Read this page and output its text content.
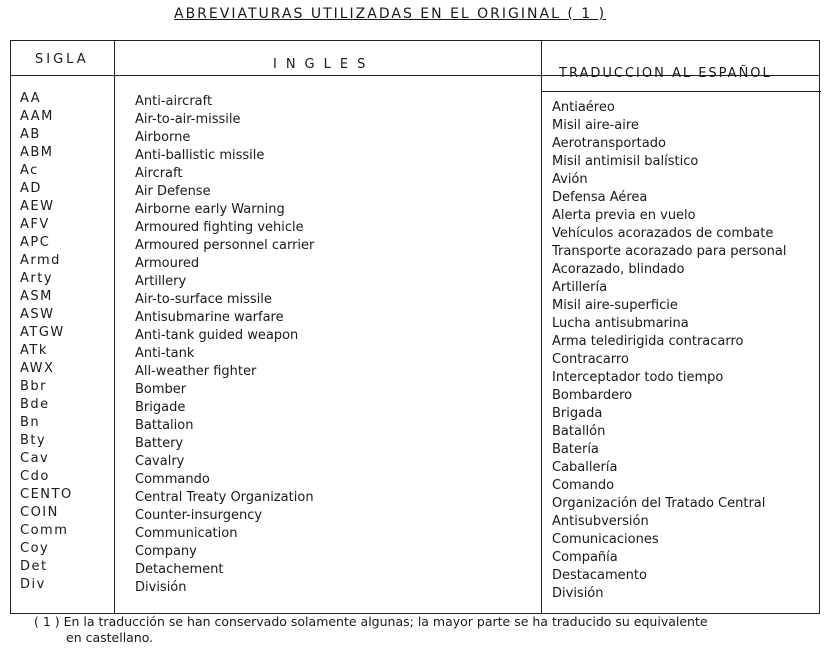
ABREVIATURAS UTILIZADAS EN EL ORIGINAL ( 1 )
SIGLA	INGLES
TRADUCCION AL ESPAÑOL
AA
AAM
AB
ABM
Ac
AD
AEW
AFV
APC
Armd
Arty
ASM
ASW
ATGW
ATk
AWX
Bbr
Bde
Bn
Bty
Cav
Cdo
CENTO
COIN
Comm
Coy
Det
Div
Anti-aircraft
Air-to-air-missile
Airborne
Anti-ballistic missile
Aircraft
Air Defense
Airborne early Warning
Armoured fighting vehicle
Armoured personnel carrier
Armoured
Artillery
Air-to-surface missile
Antisubmarine warfare
Anti-tank guided weapon
Anti-tank
All-weather fighter
Bomber
Brigade
Battalion
Battery
Cavalry
Commando
Central Treaty Organization
Counter-insurgency
Communication
Company
Detachement
División
Antiaéreo
Misil aire-aire
Aerotransportado
Misil antimisil balístico
Avión
Defensa Aérea
Alerta previa en vuelo
Vehículos acorazados de combate
Transporte acorazado para personal
Acorazado, blindado
Artillería
Misil aire-superficie
Lucha antisubmarina
Arma teledirigida contracarro
Contracarro
Interceptador todo tiempo
Bombardero
Brigada
Batallón
Batería
Caballería
Comando
Organización del Tratado Central
Antisubversión
Comunicaciones
Compañía
Destacamento
División
( 1 ) En la traducción se han conservado solamente algunas; la mayor parte se ha traducido su equivalente
en castellano.
